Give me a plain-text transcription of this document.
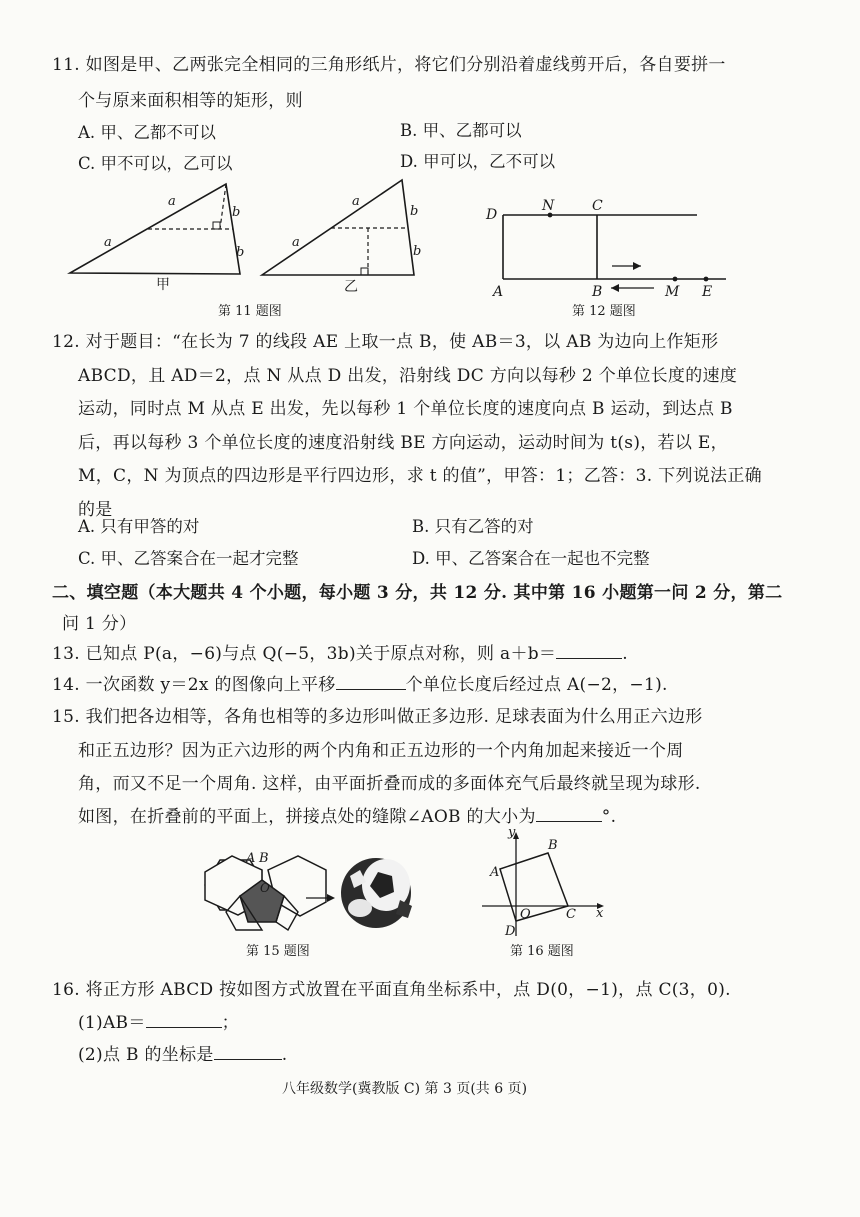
11. 如图是甲、乙两张完全相同的三角形纸片，将它们分别沿着虚线剪开后，各自要拼一
个与原来面积相等的矩形，则
A. 甲、乙都不可以	B. 甲、乙都可以
C. 甲不可以，乙可以	D. 甲可以，乙不可以
a
a
b
b
甲
a
a
b
b
乙
第 11 题图
D
N	C
A	B	M E
第 12 题图
12. 对于题目：“在长为 7 的线段 AE 上取一点 B，使 AB＝3，以 AB 为边向上作矩形
ABCD，且 AD＝2，点 N 从点 D 出发，沿射线 DC 方向以每秒 2 个单位长度的速度
运动，同时点 M 从点 E 出发，先以每秒 1 个单位长度的速度向点 B 运动，到达点 B
后，再以每秒 3 个单位长度的速度沿射线 BE 方向运动，运动时间为 t(s)，若以 E，
M，C，N 为顶点的四边形是平行四边形，求 t 的值”，甲答：1；乙答：3. 下列说法正确
的是
A. 只有甲答的对	B. 只有乙答的对
C. 甲、乙答案合在一起才完整	D. 甲、乙答案合在一起也不完整
二、填空题（本大题共 4 个小题，每小题 3 分，共 12 分. 其中第 16 小题第一问 2 分，第二
问 1 分）
13. 已知点 P(a，−6)与点 Q(−5，3b)关于原点对称，则 a＋b＝	.
14. 一次函数 y＝2x 的图像向上平移	个单位长度后经过点 A(−2，−1).
15. 我们把各边相等，各角也相等的多边形叫做正多边形. 足球表面为什么用正六边形
和正五边形？因为正六边形的两个内角和正五边形的一个内角加起来接近一个周
角，而又不足一个周角. 这样，由平面折叠而成的多面体充气后最终就呈现为球形.
如图，在折叠前的平面上，拼接点处的缝隙∠AOB 的大小为	°.
A B
O
第 15 题图
y
x
B
A
C
O
D
第 16 题图
16. 将正方形 ABCD 按如图方式放置在平面直角坐标系中，点 D(0，−1)，点 C(3，0).
(1)AB＝	；
(2)点 B 的坐标是	.
八年级数学(冀教版 C) 第 3 页(共 6 页)
